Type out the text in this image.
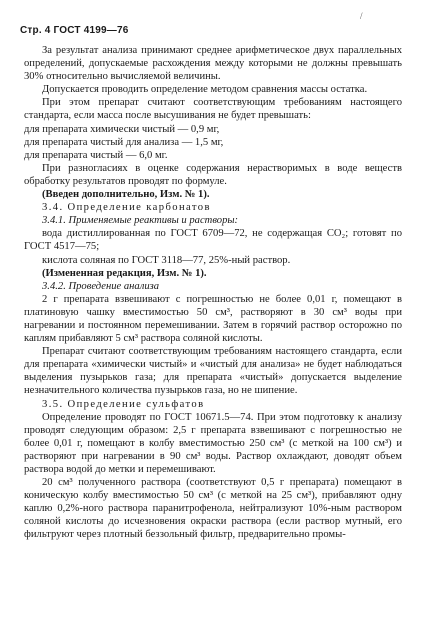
Стр. 4 ГОСТ 4199—76
/

За результат анализа принимают среднее арифметическое двух параллельных определений, допускаемые расхождения между которыми не должны превышать 30% относительно вычисляемой величины.

Допускается проводить определение методом сравнения массы остатка.

При этом препарат считают соответствующим требованиям настоящего стандарта, если масса после высушивания не будет превышать:

для препарата химически чистый — 0,9 мг,

для препарата чистый для анализа — 1,5 мг,

для препарата чистый — 6,0 мг.

При разногласиях в оценке содержания нерастворимых в воде веществ обработку результатов проводят по формуле.

(Введен дополнительно, Изм. № 1).

3.4. Определение карбонатов

3.4.1. Применяемые реактивы и растворы:

вода дистиллированная по ГОСТ 6709—72, не содержащая CO₂; готовят по ГОСТ 4517—75;

кислота соляная по ГОСТ 3118—77, 25%-ный раствор.

(Измененная редакция, Изм. № 1).

3.4.2. Проведение анализа

2 г препарата взвешивают с погрешностью не более 0,01 г, помещают в платиновую чашку вместимостью 50 см³, растворяют в 30 см³ воды при нагревании и постоянном перемешивании. Затем в горячий раствор осторожно по каплям прибавляют 5 см³ раствора соляной кислоты.

Препарат считают соответствующим требованиям настоящего стандарта, если для препарата «химически чистый» и «чистый для анализа» не будет наблюдаться выделения пузырьков газа; для препарата «чистый» допускается выделение незначительного количества пузырьков газа, но не шипение.

3.5. Определение сульфатов

Определение проводят по ГОСТ 10671.5—74. При этом подготовку к анализу проводят следующим образом: 2,5 г препарата взвешивают с погрешностью не более 0,01 г, помещают в колбу вместимостью 250 см³ (с меткой на 100 см³) и растворяют при нагревании в 90 см³ воды. Раствор охлаждают, доводят объем раствора водой до метки и перемешивают.

20 см³ полученного раствора (соответствуют 0,5 г препарата) помещают в коническую колбу вместимостью 50 см³ (с меткой на 25 см³), прибавляют одну каплю 0,2%-ного раствора паранитрофенола, нейтрализуют 10%-ным раствором соляной кислоты до исчезновения окраски раствора (если раствор мутный, его фильтруют через плотный беззольный фильтр, предварительно промы-
